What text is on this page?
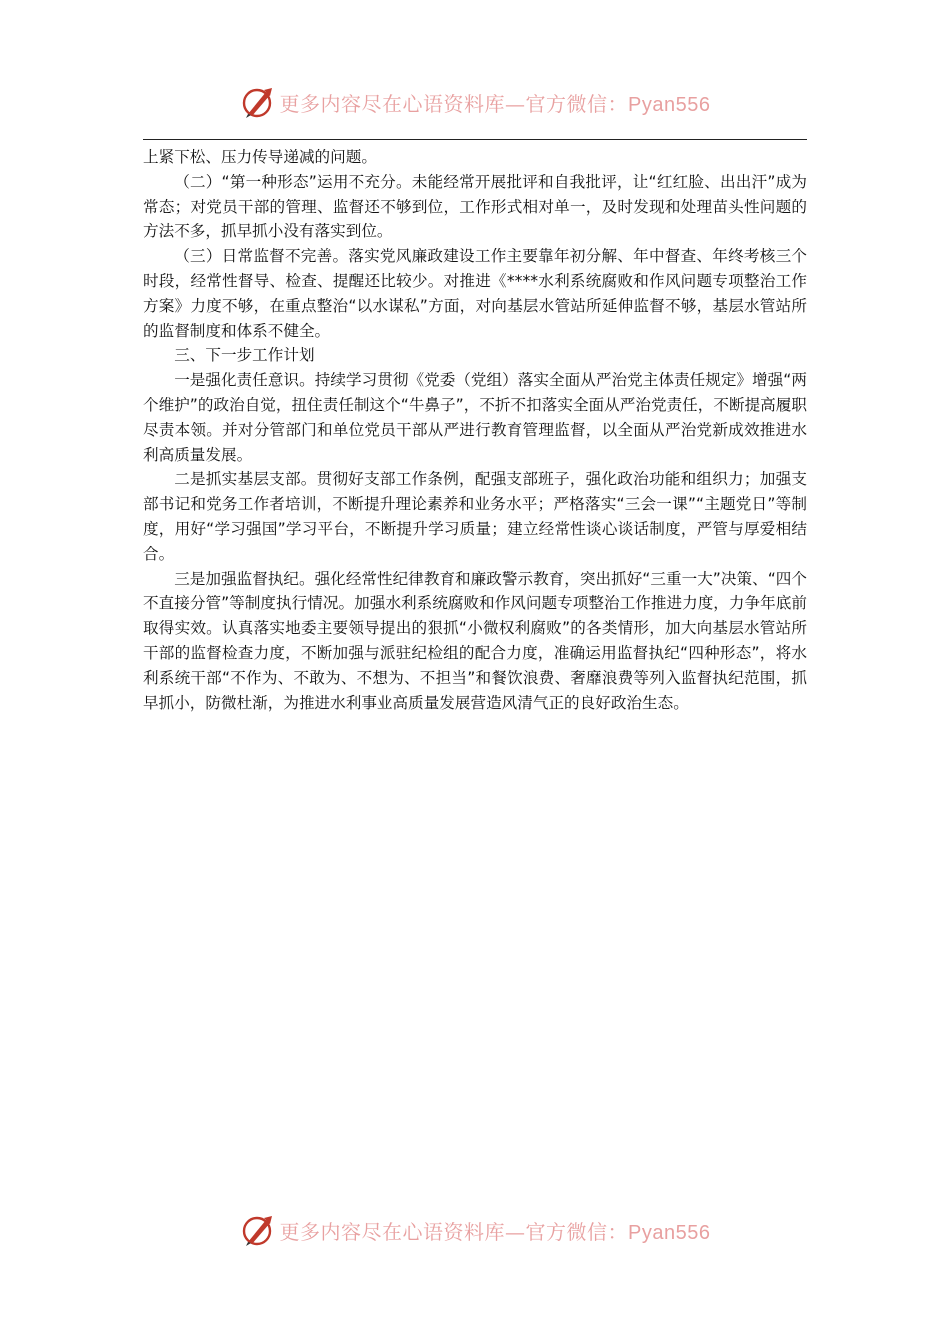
更多内容尽在心语资料库—官方微信：Pyan556

上紧下松、压力传导递减的问题。

（二）“第一种形态”运用不充分。未能经常开展批评和自我批评，让“红红脸、出出汗”成为常态；对党员干部的管理、监督还不够到位，工作形式相对单一，及时发现和处理苗头性问题的方法不多，抓早抓小没有落实到位。

（三）日常监督不完善。落实党风廉政建设工作主要靠年初分解、年中督查、年终考核三个时段，经常性督导、检查、提醒还比较少。对推进《****水利系统腐败和作风问题专项整治工作方案》力度不够，在重点整治“以水谋私”方面，对向基层水管站所延伸监督不够，基层水管站所的监督制度和体系不健全。

三、下一步工作计划

一是强化责任意识。持续学习贯彻《党委（党组）落实全面从严治党主体责任规定》增强“两个维护”的政治自觉，扭住责任制这个“牛鼻子”，不折不扣落实全面从严治党责任，不断提高履职尽责本领。并对分管部门和单位党员干部从严进行教育管理监督，以全面从严治党新成效推进水利高质量发展。

二是抓实基层支部。贯彻好支部工作条例，配强支部班子，强化政治功能和组织力；加强支部书记和党务工作者培训，不断提升理论素养和业务水平；严格落实“三会一课”“主题党日”等制度，用好“学习强国”学习平台，不断提升学习质量；建立经常性谈心谈话制度，严管与厚爱相结合。

三是加强监督执纪。强化经常性纪律教育和廉政警示教育，突出抓好“三重一大”决策、“四个不直接分管”等制度执行情况。加强水利系统腐败和作风问题专项整治工作推进力度，力争年底前取得实效。认真落实地委主要领导提出的狠抓“小微权利腐败”的各类情形，加大向基层水管站所干部的监督检查力度，不断加强与派驻纪检组的配合力度，准确运用监督执纪“四种形态”，将水利系统干部“不作为、不敢为、不想为、不担当”和餐饮浪费、奢靡浪费等列入监督执纪范围，抓早抓小，防微杜渐，为推进水利事业高质量发展营造风清气正的良好政治生态。

更多内容尽在心语资料库—官方微信：Pyan556
